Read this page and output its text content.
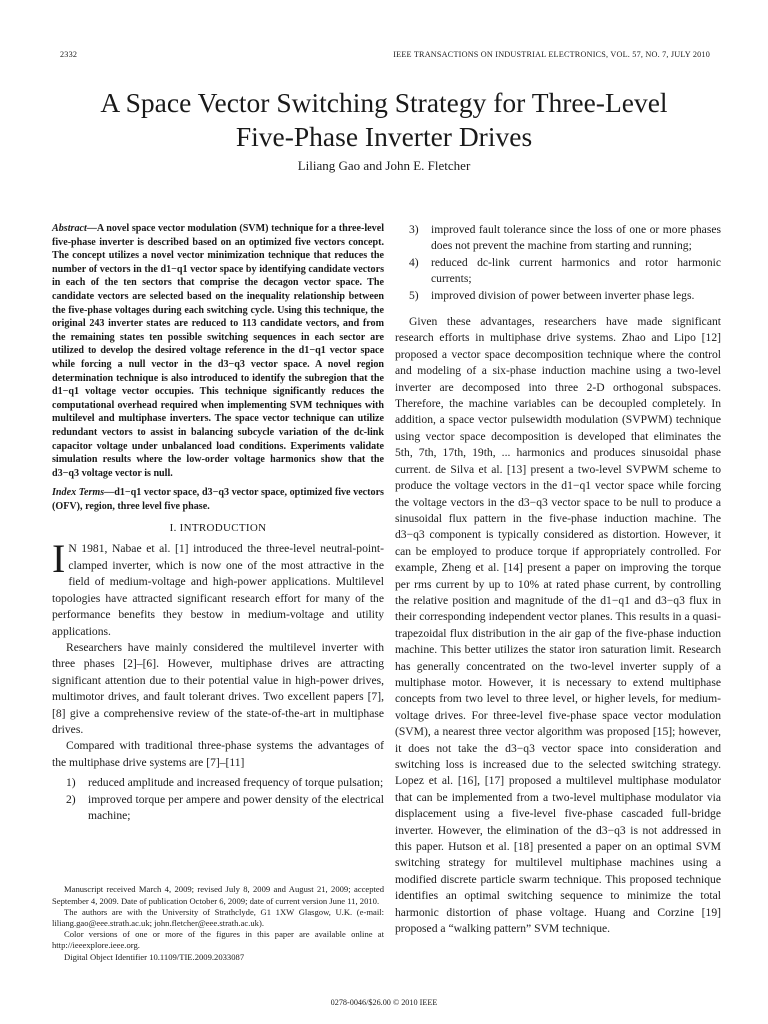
2332	IEEE TRANSACTIONS ON INDUSTRIAL ELECTRONICS, VOL. 57, NO. 7, JULY 2010
A Space Vector Switching Strategy for Three-Level
Five-Phase Inverter Drives
Liliang Gao and John E. Fletcher

Abstract—A novel space vector modulation (SVM) technique for a three-level five-phase inverter is described based on an optimized five vectors concept. The concept utilizes a novel vector minimization technique that reduces the number of vectors in the d1−q1 vector space by identifying candidate vectors in each of the ten sectors that comprise the decagon vector space. The candidate vectors are selected based on the inequality relationship between the five-phase voltages during each switching cycle. Using this technique, the original 243 inverter states are reduced to 113 candidate vectors, and from the remaining states ten possible switching sequences in each sector are utilized to develop the desired voltage reference in the d1−q1 vector space while forcing a null vector in the d3−q3 vector space. A novel region determination technique is also introduced to identify the subregion that the d1−q1 voltage vector occupies. This technique significantly reduces the computational overhead required when implementing SVM techniques with multilevel and multiphase inverters. The space vector technique can utilize redundant vectors to assist in balancing subcycle variation of the dc-link capacitor voltage under unbalanced load conditions. Experiments validate simulation results where the low-order voltage harmonics show that the d3−q3 voltage vector is null.

Index Terms—d1−q1 vector space, d3−q3 vector space, optimized five vectors (OFV), region, three level five phase.

I. INTRODUCTION

I N 1981, Nabae et al. [1] introduced the three-level neutral-point-clamped inverter, which is now one of the most attractive in the field of medium-voltage and high-power applications. Multilevel topologies have attracted significant research effort for many of the performance benefits they bestow in medium-voltage and utility applications.

Researchers have mainly considered the multilevel inverter with three phases [2]–[6]. However, multiphase drives are attracting significant attention due to their potential value in high-power drives, multimotor drives, and fault tolerant drives. Two excellent papers [7], [8] give a comprehensive review of the state-of-the-art in multiphase drives.

Compared with traditional three-phase systems the advantages of the multiphase drive systems are [7]–[11]

1) reduced amplitude and increased frequency of torque pulsation;
2) improved torque per ampere and power density of the electrical machine;

Manuscript received March 4, 2009; revised July 8, 2009 and August 21, 2009; accepted September 4, 2009. Date of publication October 6, 2009; date of current version June 11, 2010.

The authors are with the University of Strathclyde, G1 1XW Glasgow, U.K. (e-mail: liliang.gao@eee.strath.ac.uk; john.fletcher@eee.strath.ac.uk).

Color versions of one or more of the figures in this paper are available online at http://ieeexplore.ieee.org.

Digital Object Identifier 10.1109/TIE.2009.2033087

3) improved fault tolerance since the loss of one or more phases does not prevent the machine from starting and running;
4) reduced dc-link current harmonics and rotor harmonic currents;
5) improved division of power between inverter phase legs.

Given these advantages, researchers have made significant research efforts in multiphase drive systems. Zhao and Lipo [12] proposed a vector space decomposition technique where the control and modeling of a six-phase induction machine using a two-level inverter are decomposed into three 2-D orthogonal subspaces. Therefore, the machine variables can be decoupled completely. In addition, a space vector pulsewidth modulation (SVPWM) technique using vector space decomposition is developed that eliminates the 5th, 7th, 17th, 19th, ... harmonics and produces sinusoidal phase current. de Silva et al. [13] present a two-level SVPWM scheme to produce the voltage vectors in the d1−q1 vector space while forcing the voltage vectors in the d3−q3 vector space to be null to produce a sinusoidal flux pattern in the five-phase induction machine. The d3−q3 component is typically considered as distortion. However, it can be employed to produce torque if appropriately controlled. For example, Zheng et al. [14] present a paper on improving the torque per rms current by up to 10% at rated phase current, by controlling the relative position and magnitude of the d1−q1 and d3−q3 flux in their corresponding independent vector planes. This results in a quasi-trapezoidal flux distribution in the air gap of the five-phase induction machine. This better utilizes the stator iron saturation limit. Research has generally concentrated on the two-level inverter supply of a multiphase motor. However, it is necessary to extend multiphase concepts from two level to three level, or higher levels, for medium-voltage drives. For three-level five-phase space vector modulation (SVM), a nearest three vector algorithm was proposed [15]; however, it does not take the d3−q3 vector space into consideration and switching loss is increased due to the selected switching strategy. Lopez et al. [16], [17] proposed a multilevel multiphase modulator that can be implemented from a two-level multiphase modulator via displacement using a five-level five-phase cascaded full-bridge inverter. However, the elimination of the d3−q3 is not addressed in this paper. Hutson et al. [18] presented a paper on an optimal SVM switching strategy for multilevel multiphase machines using a modified discrete particle swarm technique. This proposed technique identifies an optimal switching sequence to minimize the total harmonic distortion of phase voltage. Huang and Corzine [19] proposed a “walking pattern” SVM technique.

0278-0046/$26.00 © 2010 IEEE
